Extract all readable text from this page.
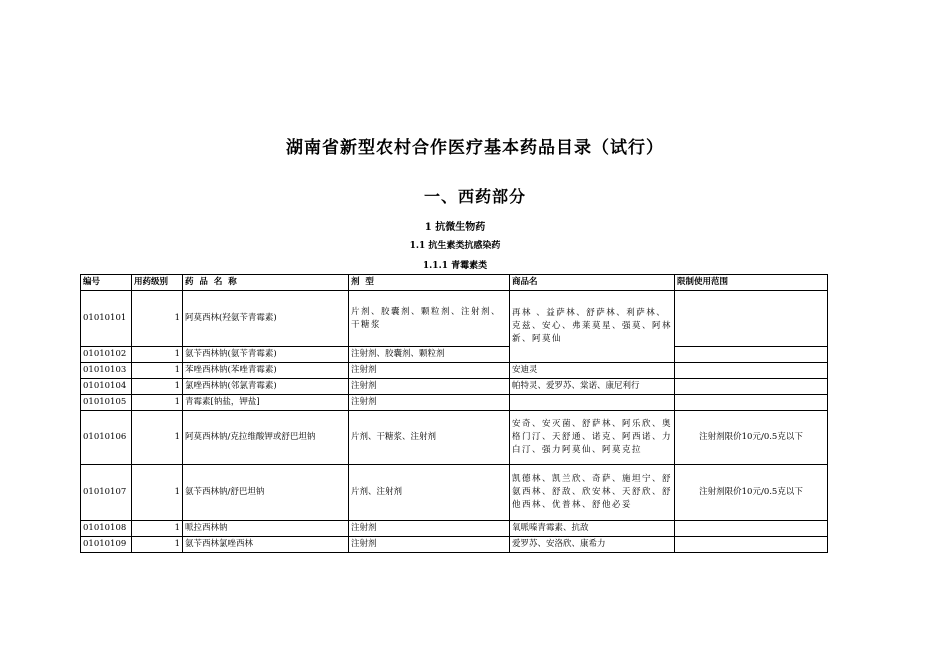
湖南省新型农村合作医疗基本药品目录（试行）
一、西药部分
1 抗微生物药
1.1 抗生素类抗感染药
1.1.1 青霉素类
编号	用药级别	药  品  名  称	剂  型	商品名	限制使用范围
01010101	1	阿莫西林(羟氨苄青霉素)	片剂、胶囊剂、颗粒剂、注射剂、干糖浆	再林 、益萨林、舒萨林、利萨林、克兹、安心、弗莱莫星、强莫、阿林新、阿莫仙	
01010102	1	氨苄西林钠(氨苄青霉素)	注射剂、胶囊剂、颗粒剂		
01010103	1	苯唑西林钠(苯唑青霉素)	注射剂	安迪灵	
01010104	1	氯唑西林钠(邻氯青霉素)	注射剂	帕特灵、爱罗苏、棠诺、康尼利行	
01010105	1	青霉素[钠盐，钾盐]	注射剂		
01010106	1	阿莫西林钠/克拉维酸钾或舒巴坦钠	片剂、干糖浆、注射剂	安奇、安灭菌、舒萨林、阿乐欣、奥格门汀、天舒通、诺克、阿西诺、力白汀、强力阿莫仙、阿莫克拉	注射剂限价10元/0.5克以下
01010107	1	氨苄西林钠/舒巴坦钠	片剂、注射剂	凯德林、凯兰欣、奇萨、施坦宁、舒氨西林、舒敌、欣安林、天舒欣、舒他西林、优普林、舒他必妥	注射剂限价10元/0.5克以下
01010108	1	哌拉西林钠	注射剂	氧哌嗪青霉素、抗敌	
01010109	1	氨苄西林氯唑西林	注射剂	爱罗苏、安洛欣、康希力	
